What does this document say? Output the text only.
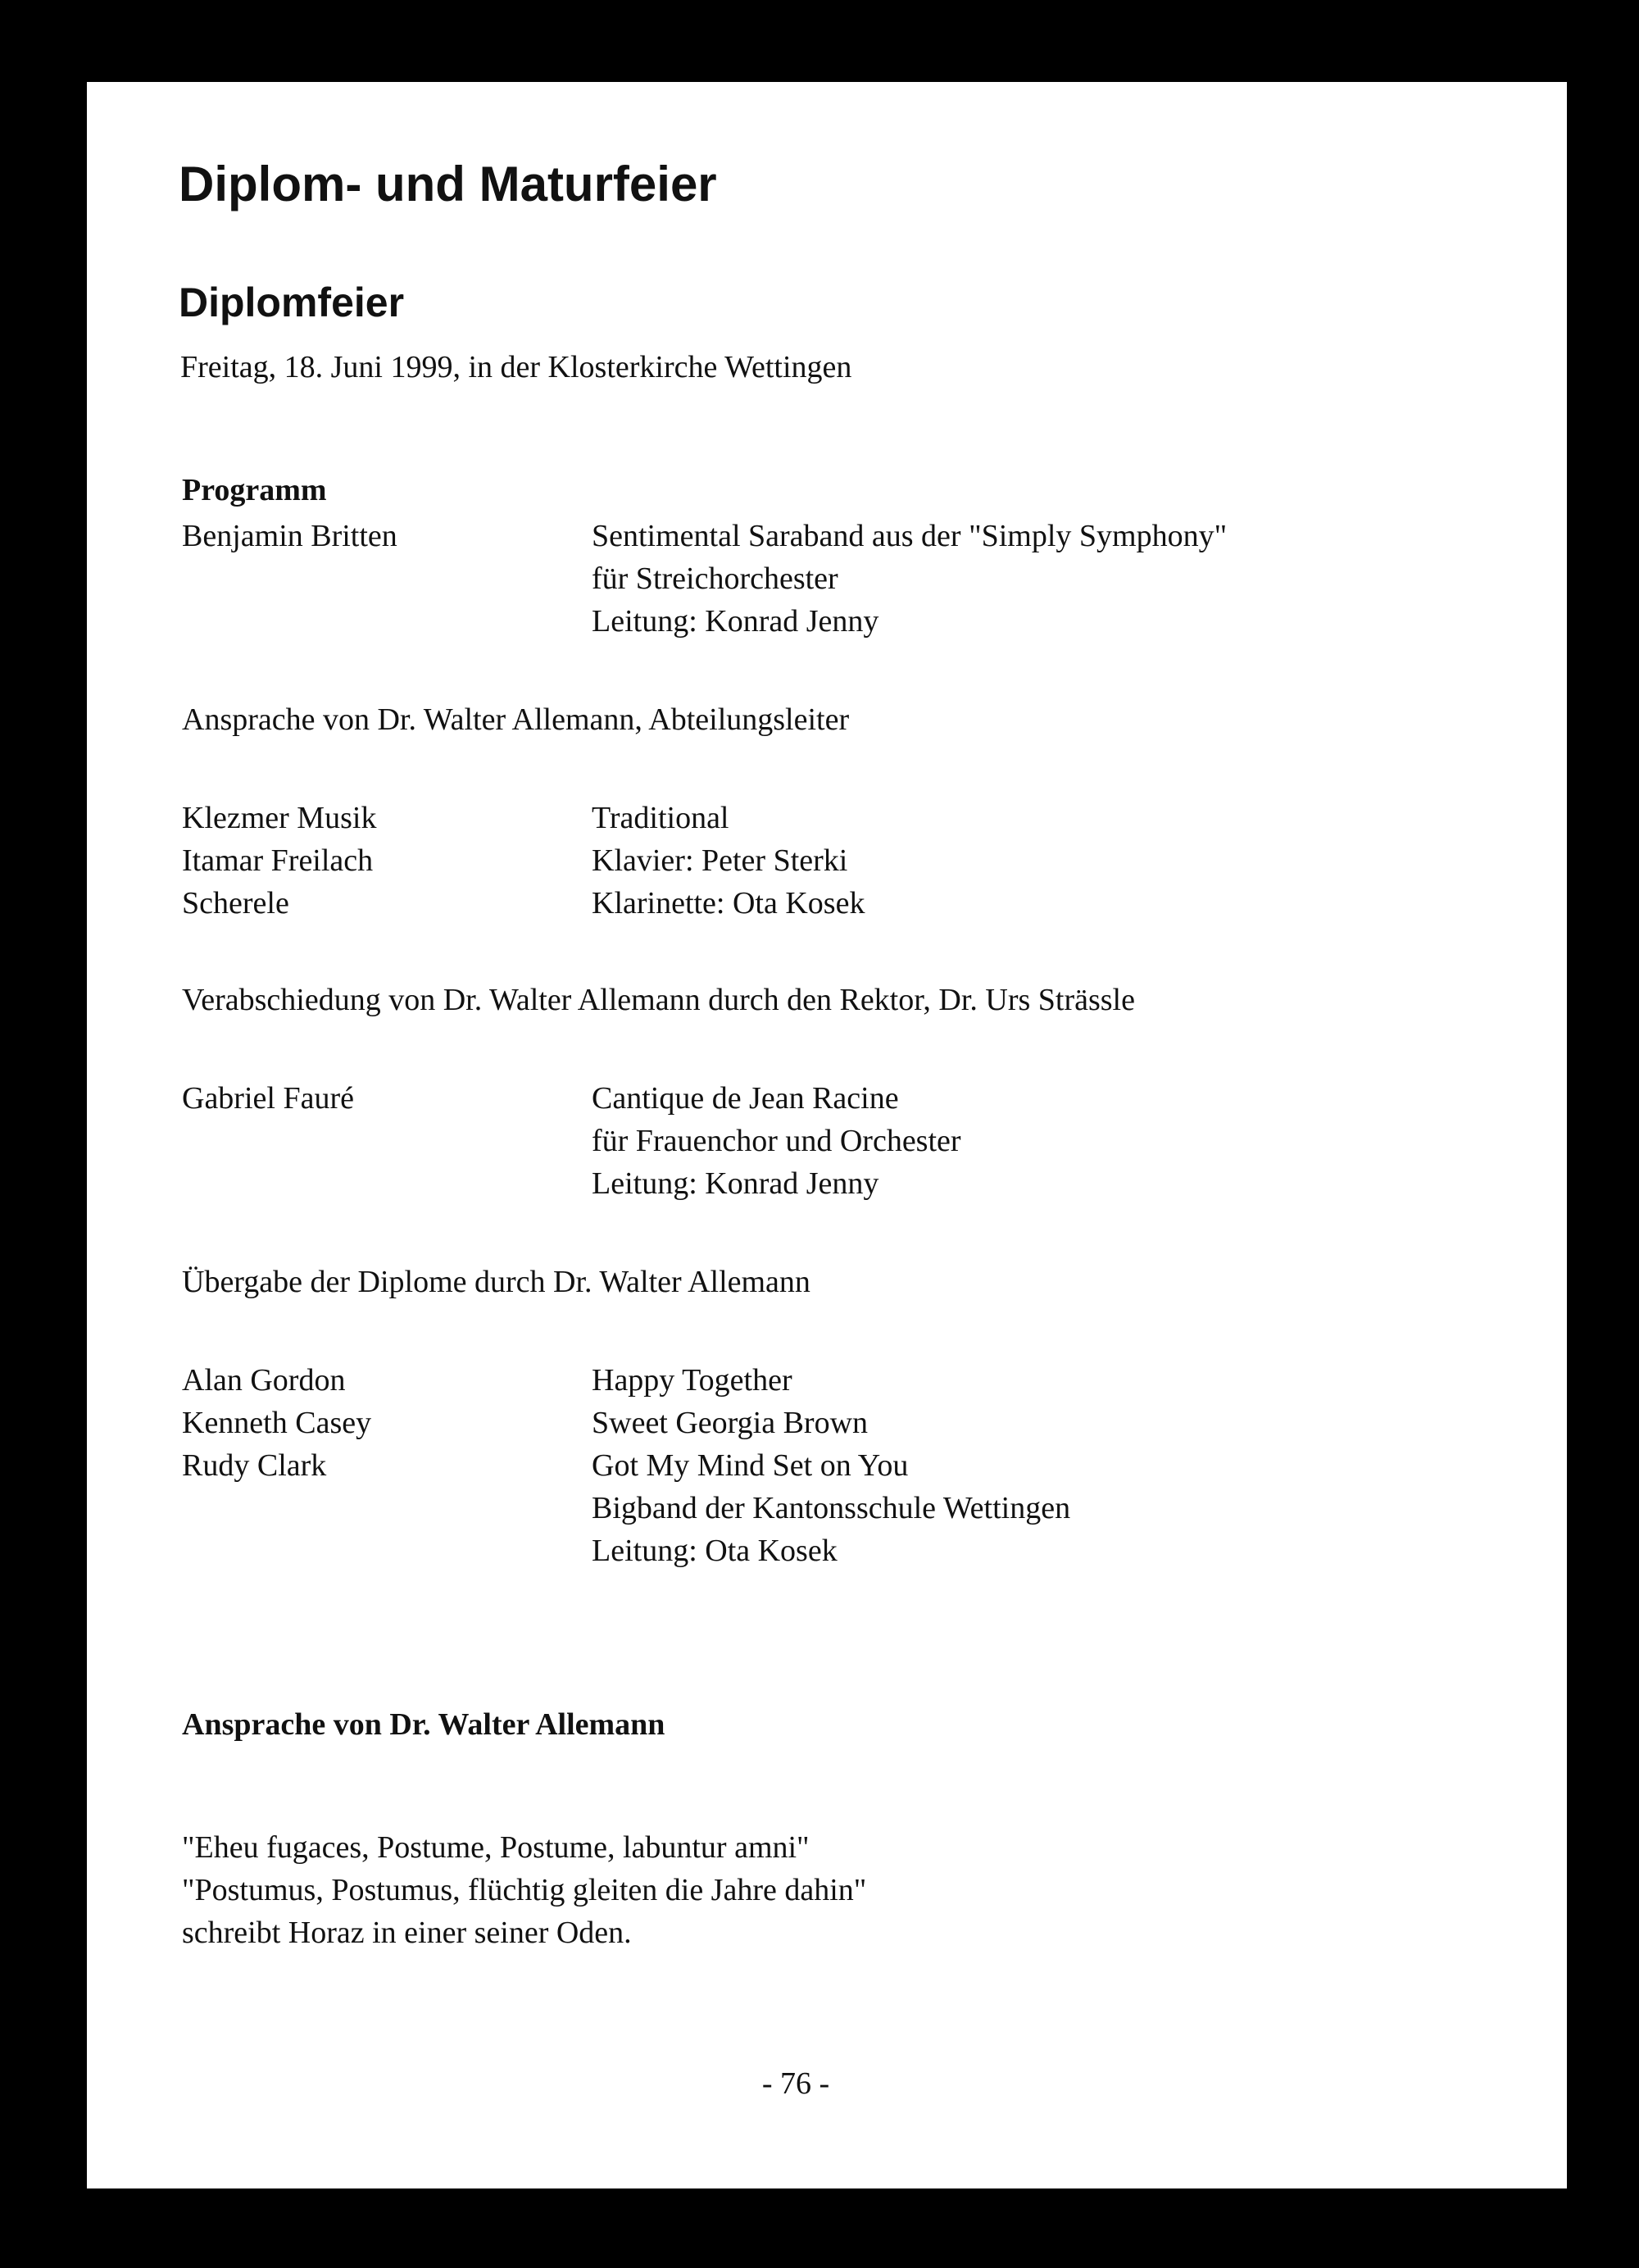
Diplom- und Maturfeier
Diplomfeier
Freitag, 18. Juni 1999, in der Klosterkirche Wettingen
Programm
Benjamin Britten	Sentimental Saraband aus der "Simply Symphony"
für Streichorchester
Leitung: Konrad Jenny
Ansprache von Dr. Walter Allemann, Abteilungsleiter
Klezmer Musik
Itamar Freilach
Scherele
Traditional
Klavier: Peter Sterki
Klarinette: Ota Kosek
Verabschiedung von Dr. Walter Allemann durch den Rektor, Dr. Urs Strässle
Gabriel Fauré	Cantique de Jean Racine
für Frauenchor und Orchester
Leitung: Konrad Jenny
Übergabe der Diplome durch Dr. Walter Allemann
Alan Gordon
Kenneth Casey
Rudy Clark
Happy Together
Sweet Georgia Brown
Got My Mind Set on You
Bigband der Kantonsschule Wettingen
Leitung: Ota Kosek
Ansprache von Dr. Walter Allemann
"Eheu fugaces, Postume, Postume, labuntur amni"
"Postumus, Postumus, flüchtig gleiten die Jahre dahin"
schreibt Horaz in einer seiner Oden.
- 76 -
